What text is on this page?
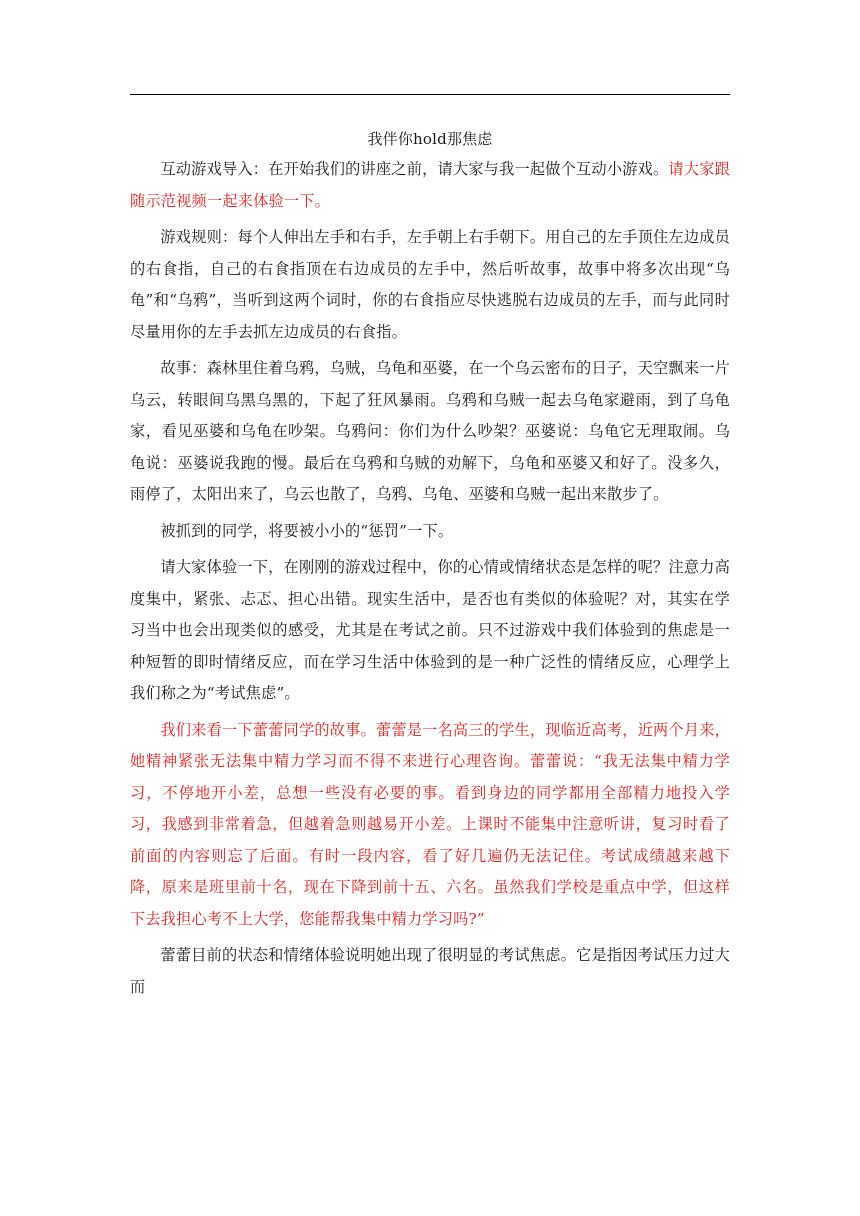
我伴你hold那焦虑

互动游戏导入：在开始我们的讲座之前，请大家与我一起做个互动小游戏。请大家跟随示范视频一起来体验一下。

游戏规则：每个人伸出左手和右手，左手朝上右手朝下。用自己的左手顶住左边成员的右食指，自己的右食指顶在右边成员的左手中，然后听故事，故事中将多次出现“乌龟”和“乌鸦”，当听到这两个词时，你的右食指应尽快逃脱右边成员的左手，而与此同时尽量用你的左手去抓左边成员的右食指。

故事：森林里住着乌鸦，乌贼，乌龟和巫婆，在一个乌云密布的日子，天空飘来一片乌云，转眼间乌黑乌黑的，下起了狂风暴雨。乌鸦和乌贼一起去乌龟家避雨，到了乌龟家，看见巫婆和乌龟在吵架。乌鸦问：你们为什么吵架？巫婆说：乌龟它无理取闹。乌龟说：巫婆说我跑的慢。最后在乌鸦和乌贼的劝解下，乌龟和巫婆又和好了。没多久，雨停了，太阳出来了，乌云也散了，乌鸦、乌龟、巫婆和乌贼一起出来散步了。

被抓到的同学，将要被小小的“惩罚”一下。

请大家体验一下，在刚刚的游戏过程中，你的心情或情绪状态是怎样的呢？注意力高度集中，紧张、忐忑、担心出错。现实生活中，是否也有类似的体验呢？对，其实在学习当中也会出现类似的感受，尤其是在考试之前。只不过游戏中我们体验到的焦虑是一种短暂的即时情绪反应，而在学习生活中体验到的是一种广泛性的情绪反应，心理学上我们称之为“考试焦虑”。

我们来看一下蕾蕾同学的故事。蕾蕾是一名高三的学生，现临近高考，近两个月来，她精神紧张无法集中精力学习而不得不来进行心理咨询。蕾蕾说：“我无法集中精力学习，不停地开小差，总想一些没有必要的事。看到身边的同学都用全部精力地投入学习，我感到非常着急，但越着急则越易开小差。上课时不能集中注意听讲，复习时看了前面的内容则忘了后面。有时一段内容，看了好几遍仍无法记住。考试成绩越来越下降，原来是班里前十名，现在下降到前十五、六名。虽然我们学校是重点中学，但这样下去我担心考不上大学，您能帮我集中精力学习吗?”

蕾蕾目前的状态和情绪体验说明她出现了很明显的考试焦虑。它是指因考试压力过大而
